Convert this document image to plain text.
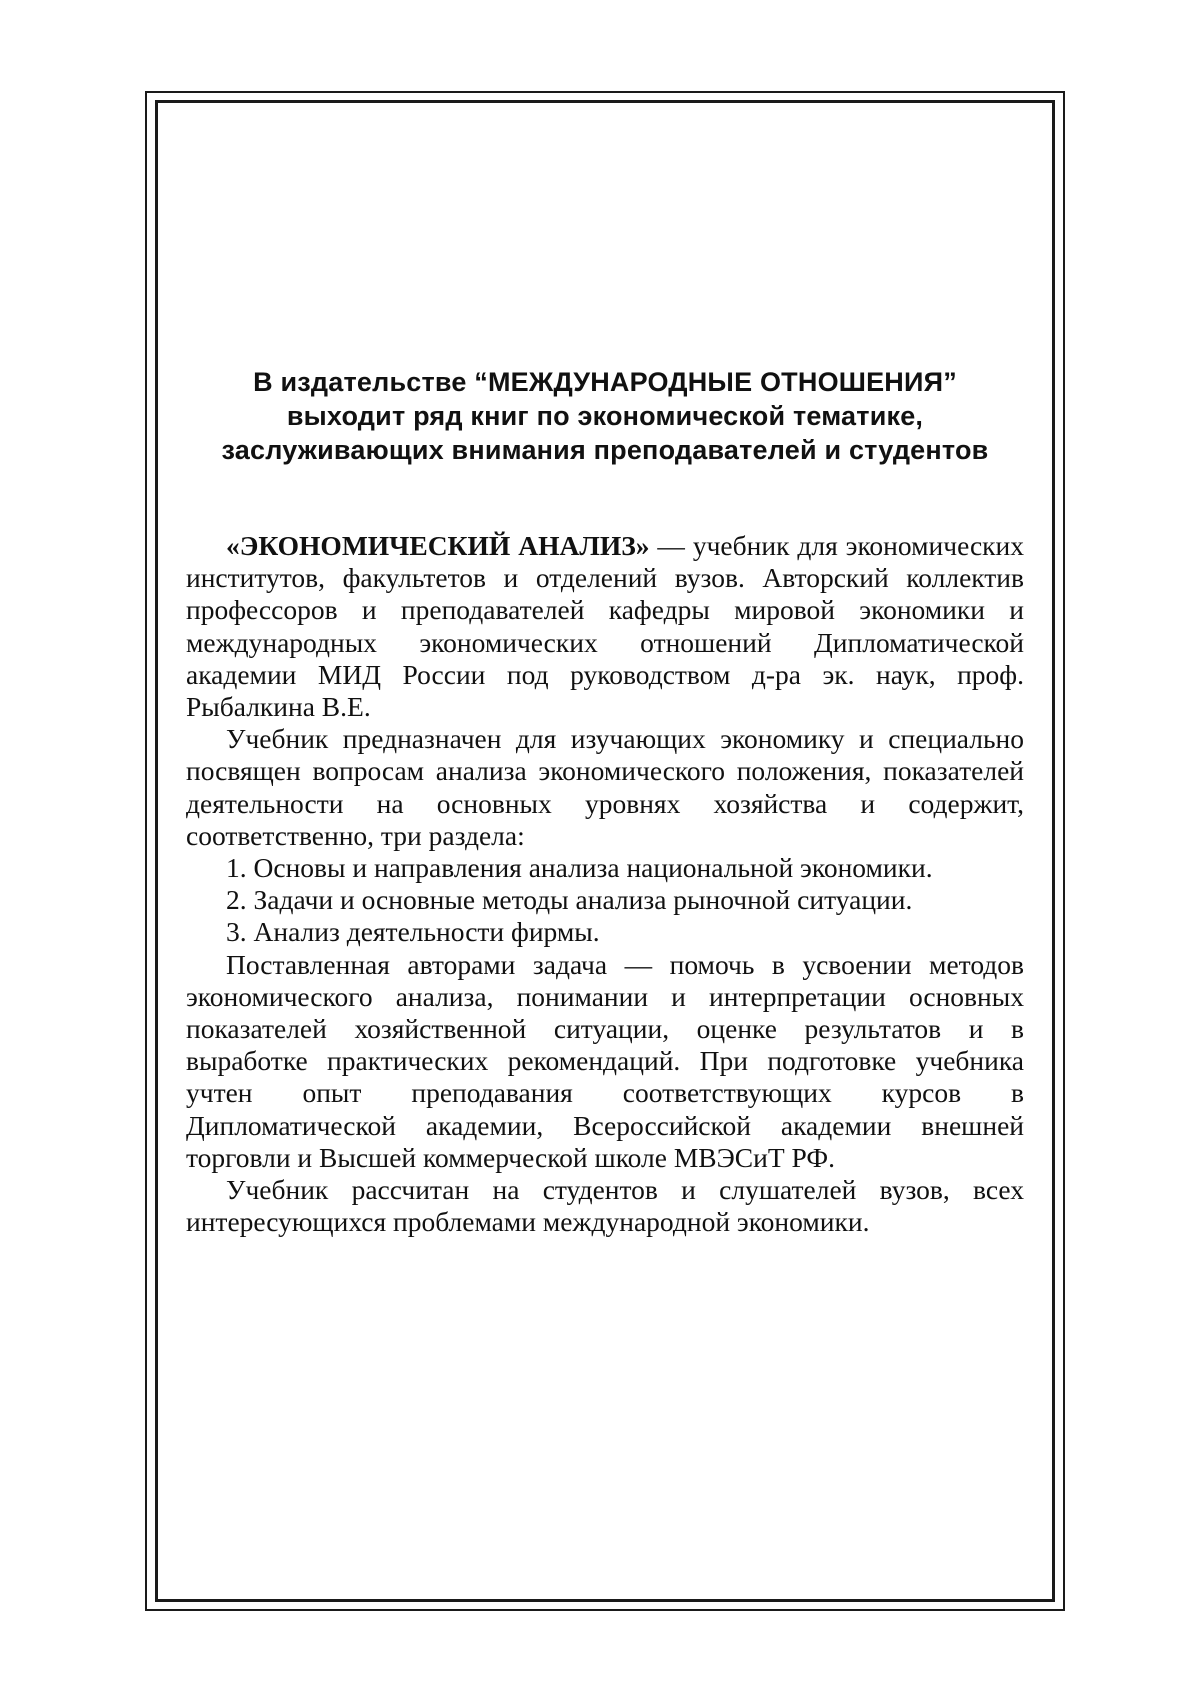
В издательстве “МЕЖДУНАРОДНЫЕ ОТНОШЕНИЯ”
выходит ряд книг по экономической тематике,
заслуживающих внимания преподавателей и студентов

«ЭКОНОМИЧЕСКИЙ АНАЛИЗ» — учебник для экономических институтов, факультетов и отделений вузов. Авторский коллектив профессоров и преподавателей кафедры мировой экономики и международных экономических отношений Дипломатической академии МИД России под руководством д-ра эк. наук, проф. Рыбалкина В.Е.

Учебник предназначен для изучающих экономику и специально посвящен вопросам анализа экономического положения, показателей деятельности на основных уровнях хозяйства и содержит, соответственно, три раздела:

1. Основы и направления анализа национальной экономики.

2. Задачи и основные методы анализа рыночной ситуации.

3. Анализ деятельности фирмы.

Поставленная авторами задача — помочь в усвоении методов экономического анализа, понимании и интерпретации основных показателей хозяйственной ситуации, оценке результатов и в выработке практических рекомендаций. При подготовке учебника учтен опыт преподавания соответствующих курсов в Дипломатической академии, Всероссийской академии внешней торговли и Высшей коммерческой школе МВЭСиТ РФ.

Учебник рассчитан на студентов и слушателей вузов, всех интересующихся проблемами международной экономики.
